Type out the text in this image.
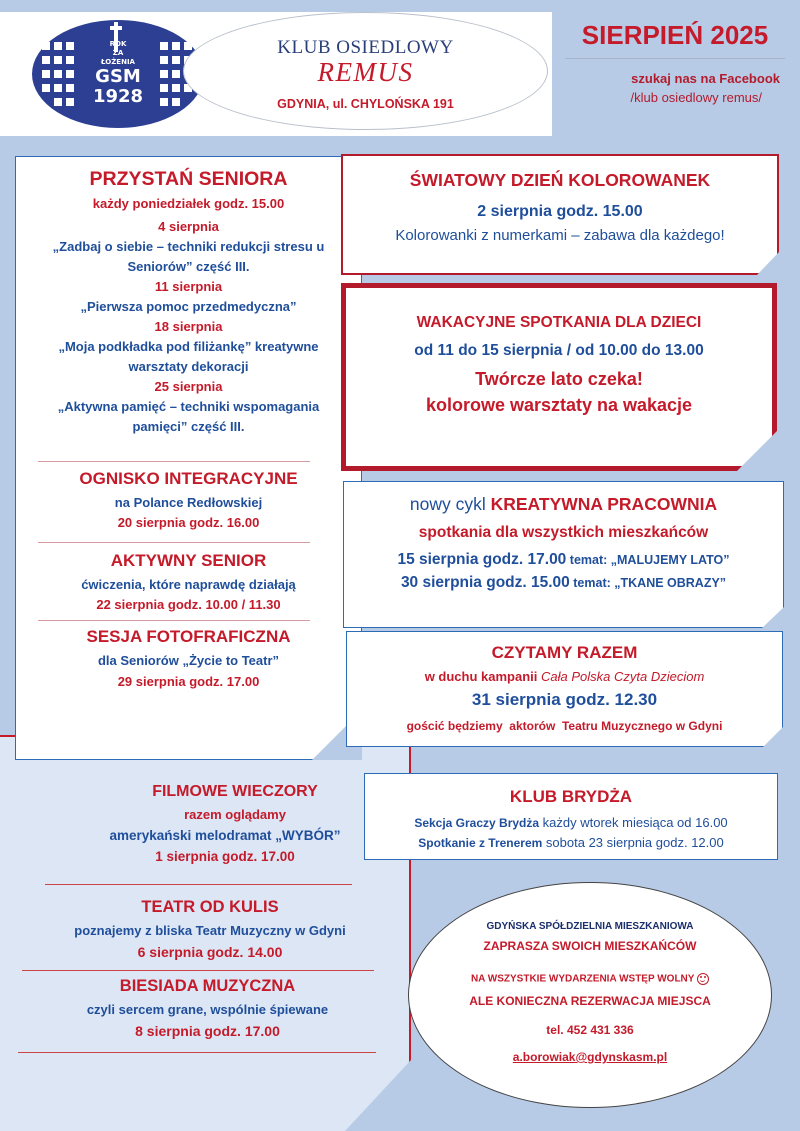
ROK
ZA
ŁOŻENIA
GSM
1928
KLUB OSIEDLOWY
REMUS
GDYNIA, ul. CHYLOŃSKA 191
SIERPIEŃ 2025
szukaj nas na Facebook
/klub osiedlowy remus/
PRZYSTAŃ SENIORA
każdy poniedziałek godz. 15.00
4 sierpnia
„Zadbaj o siebie – techniki redukcji stresu u Seniorów” część III.
11 sierpnia
„Pierwsza pomoc przedmedyczna”
18 sierpnia
„Moja podkładka pod filiżankę” kreatywne warsztaty dekoracji
25 sierpnia
„Aktywna pamięć – techniki wspomagania pamięci” część III.
OGNISKO INTEGRACYJNE
na Polance Redłowskiej
20 sierpnia godz. 16.00
AKTYWNY SENIOR
ćwiczenia, które naprawdę działają
22 sierpnia godz. 10.00 / 11.30
SESJA FOTOFRAFICZNA
dla Seniorów „Życie to Teatr”
29 sierpnia godz. 17.00
ŚWIATOWY DZIEŃ KOLOROWANEK
2 sierpnia godz. 15.00
Kolorowanki z numerkami – zabawa dla każdego!
WAKACYJNE SPOTKANIA DLA DZIECI
od 11 do 15 sierpnia / od 10.00 do 13.00
Twórcze lato czeka!
kolorowe warsztaty na wakacje
nowy cykl KREATYWNA PRACOWNIA
spotkania dla wszystkich mieszkańców
15 sierpnia godz. 17.00 temat: „MALUJEMY LATO”
30 sierpnia godz. 15.00 temat: „TKANE OBRAZY”
CZYTAMY RAZEM
w duchu kampanii Cała Polska Czyta Dzieciom
31 sierpnia godz. 12.30
gościć będziemy  aktorów  Teatru Muzycznego w Gdyni
KLUB BRYDŻA
Sekcja Graczy Brydża każdy wtorek miesiąca od 16.00
Spotkanie z Trenerem sobota 23 sierpnia godz. 12.00
FILMOWE WIECZORY
razem oglądamy
amerykański melodramat „WYBÓR”
1 sierpnia godz. 17.00
TEATR OD KULIS
poznajemy z bliska Teatr Muzyczny w Gdyni
6 sierpnia godz. 14.00
BIESIADA MUZYCZNA
czyli sercem grane, wspólnie śpiewane
8 sierpnia godz. 17.00
GDYŃSKA SPÓŁDZIELNIA MIESZKANIOWA
ZAPRASZA SWOICH MIESZKAŃCÓW
NA WSZYSTKIE WYDARZENIA WSTĘP WOLNY
ALE KONIECZNA REZERWACJA MIEJSCA
tel. 452 431 336
a.borowiak@gdynskasm.pl
